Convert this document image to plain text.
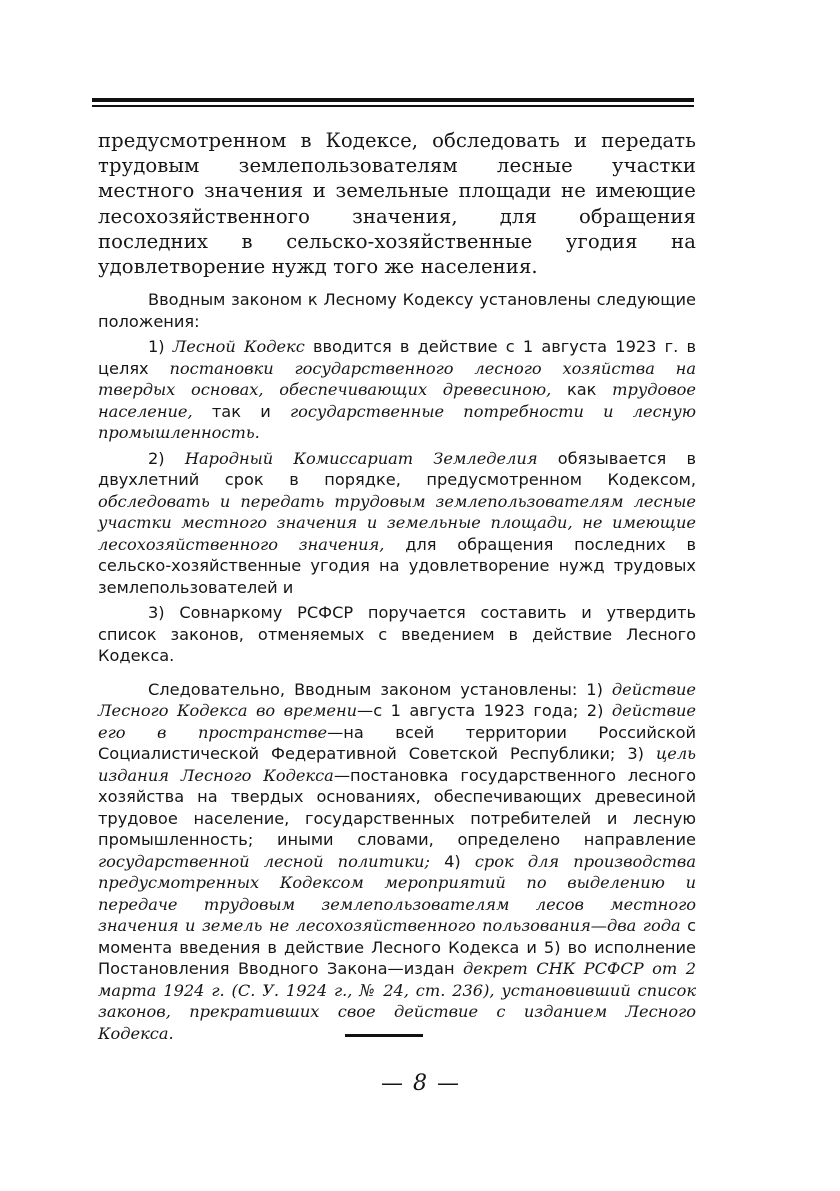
предусмотренном в Кодексе, обследовать и передать трудовым землепользователям лесные участки местного значения и земельные площади не имеющие лесохозяйственного значения, для обращения последних в сельско-хозяйственные угодия на удовлетворение нужд того же населения.

Вводным законом к Лесному Кодексу установлены следующие положения:

1) Лесной Кодекс вводится в действие с 1 августа 1923 г. в целях постановки государственного лесного хозяйства на твердых основах, обеспечивающих древесиною, как трудовое население, так и государственные потребности и лесную промышленность.

2) Народный Комиссариат Земледелия обязывается в двухлетний срок в порядке, предусмотренном Кодексом, обследовать и передать трудовым землепользователям лесные участки местного значения и земельные площади, не имеющие лесохозяйственного значения, для обращения последних в сельско-хозяйственные угодия на удовлетворение нужд трудовых землепользователей и

3) Совнаркому РСФСР поручается составить и утвердить список законов, отменяемых с введением в действие Лесного Кодекса.

Следовательно, Вводным законом установлены: 1) действие Лесного Кодекса во времени—с 1 августа 1923 года; 2) действие его в пространстве—на всей территории Российской Социалистической Федеративной Советской Республики; 3) цель издания Лесного Кодекса—постановка государственного лесного хозяйства на твердых основаниях, обеспечивающих древесиной трудовое население, государственных потребителей и лесную промышленность; иными словами, определено направление государственной лесной политики; 4) срок для производства предусмотренных Кодексом мероприятий по выделению и передаче трудовым землепользователям лесов местного значения и земель не лесохозяйственного пользования—два года с момента введения в действие Лесного Кодекса и 5) во исполнение Постановления Вводного Закона—издан декрет СНК РСФСР от 2 марта 1924 г. (С. У. 1924 г., № 24, ст. 236), установивший список законов, прекративших свое действие с изданием Лесного Кодекса.

— 8 —
